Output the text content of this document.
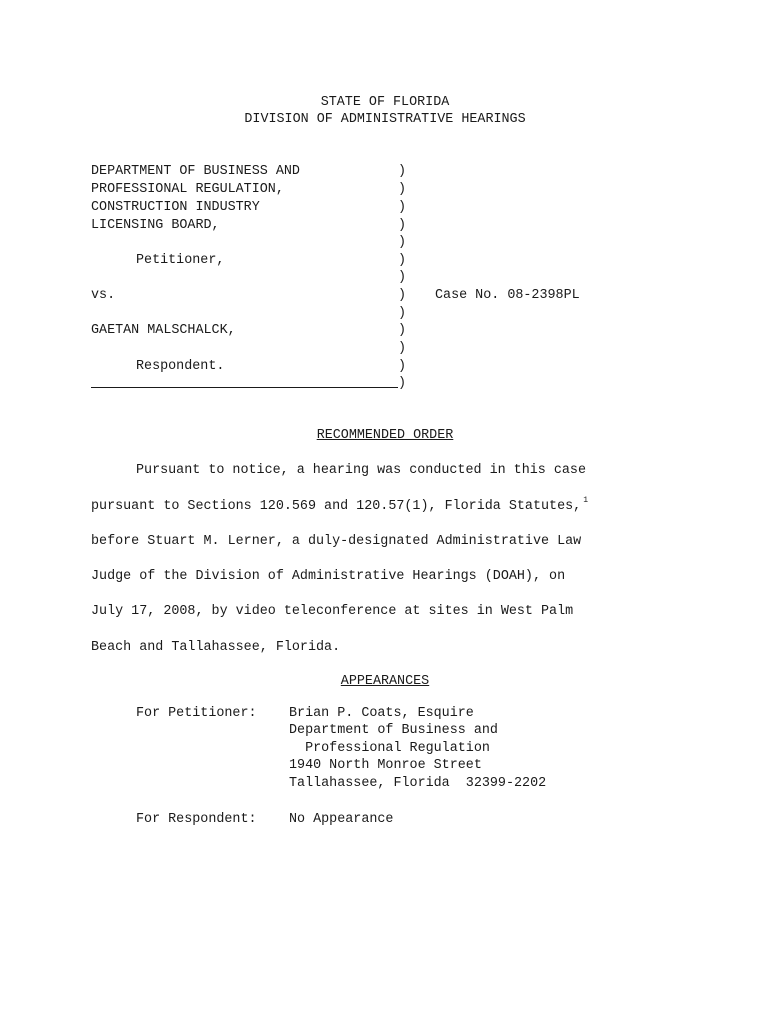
STATE OF FLORIDA
DIVISION OF ADMINISTRATIVE HEARINGS
DEPARTMENT OF BUSINESS AND
PROFESSIONAL REGULATION,
CONSTRUCTION INDUSTRY
LICENSING BOARD,
Petitioner,
vs.
GAETAN MALSCHALCK,
Respondent.
)
)
)
)
)
)
)
)
)
)
)
)
)
Case No. 08-2398PL
RECOMMENDED ORDER
Pursuant to notice, a hearing was conducted in this case
pursuant to Sections 120.569 and 120.57(1), Florida Statutes, $^1$
before Stuart M. Lerner, a duly-designated Administrative Law
Judge of the Division of Administrative Hearings (DOAH), on
July 17, 2008, by video teleconference at sites in West Palm
Beach and Tallahassee, Florida.
APPEARANCES
For Petitioner: Brian P. Coats, Esquire
Department of Business and
Professional Regulation
1940 North Monroe Street
Tallahassee, Florida  32399-2202
For Respondent: No Appearance
